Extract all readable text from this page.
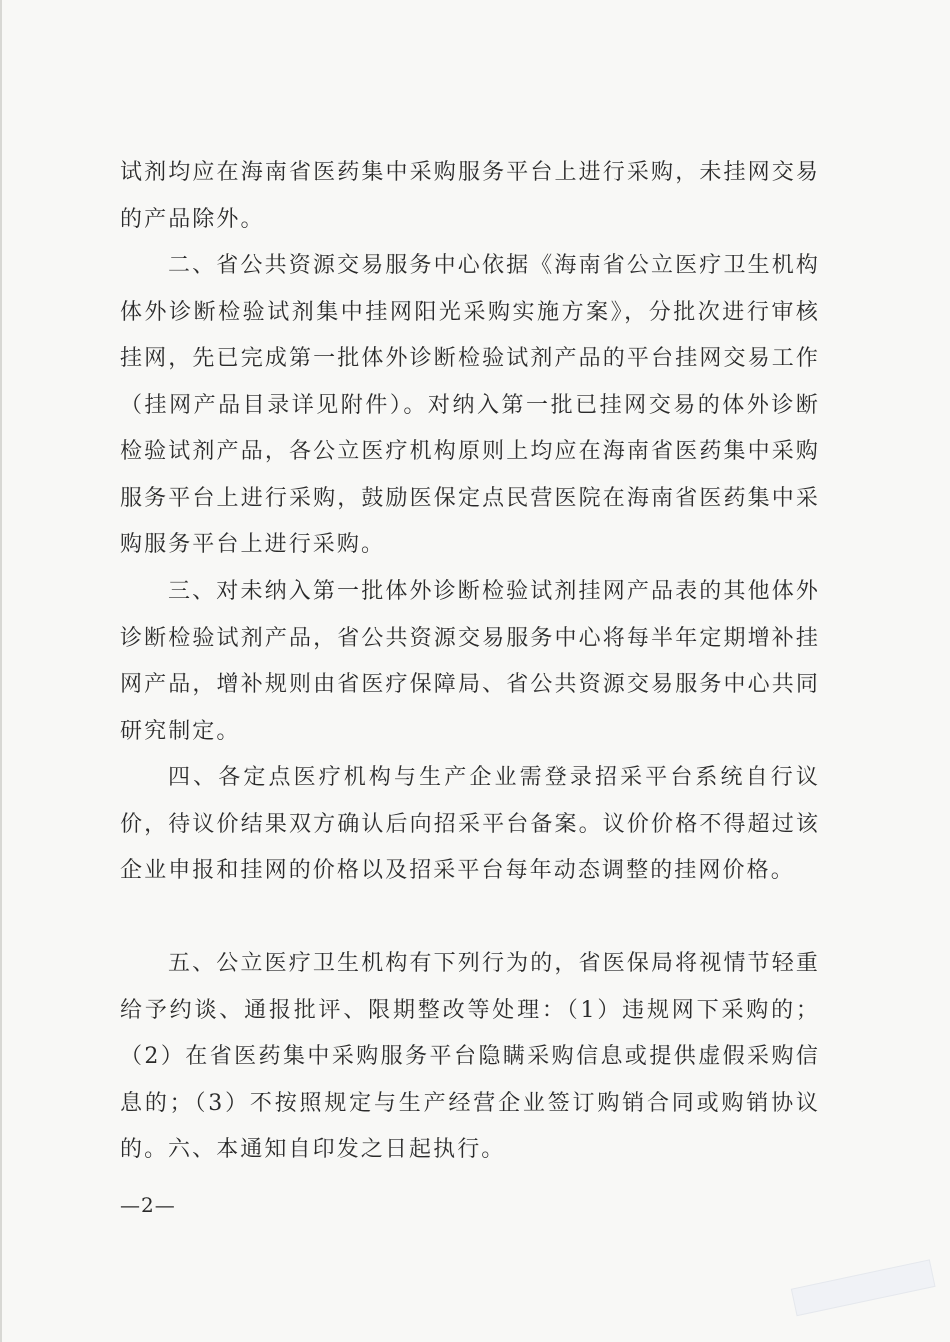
试剂均应在海南省医药集中采购服务平台上进行采购，未挂网交易的产品除外。

二、省公共资源交易服务中心依据《海南省公立医疗卫生机构体外诊断检验试剂集中挂网阳光采购实施方案》，分批次进行审核挂网，先已完成第一批体外诊断检验试剂产品的平台挂网交易工作（挂网产品目录详见附件）。对纳入第一批已挂网交易的体外诊断检验试剂产品，各公立医疗机构原则上均应在海南省医药集中采购服务平台上进行采购，鼓励医保定点民营医院在海南省医药集中采购服务平台上进行采购。

三、对未纳入第一批体外诊断检验试剂挂网产品表的其他体外诊断检验试剂产品，省公共资源交易服务中心将每半年定期增补挂网产品，增补规则由省医疗保障局、省公共资源交易服务中心共同研究制定。

四、各定点医疗机构与生产企业需登录招采平台系统自行议价，待议价结果双方确认后向招采平台备案。议价价格不得超过该企业申报和挂网的价格以及招采平台每年动态调整的挂网价格。

五、公立医疗卫生机构有下列行为的，省医保局将视情节轻重给予约谈、通报批评、限期整改等处理：（1）违规网下采购的；（2）在省医药集中采购服务平台隐瞒采购信息或提供虚假采购信息的；（3）不按照规定与生产经营企业签订购销合同或购销协议的。 六、本通知自印发之日起执行。

—2—
